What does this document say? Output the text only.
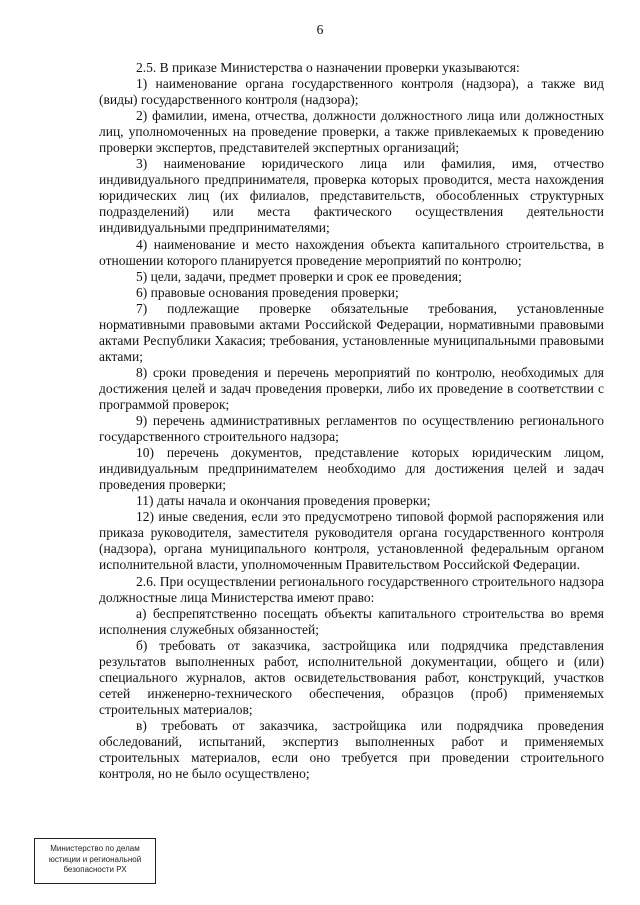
6

2.5. В приказе Министерства о назначении проверки указываются:

1) наименование органа государственного контроля (надзора), а также вид (виды) государственного контроля (надзора);

2) фамилии, имена, отчества, должности должностного лица или должностных лиц, уполномоченных на проведение проверки, а также привлекаемых к проведению проверки экспертов, представителей экспертных организаций;

3) наименование юридического лица или фамилия, имя, отчество индивидуального предпринимателя, проверка которых проводится, места нахождения юридических лиц (их филиалов, представительств, обособленных структурных подразделений) или места фактического осуществления деятельности индивидуальными предпринимателями;

4) наименование и место нахождения объекта капитального строительства, в отношении которого планируется проведение мероприятий по контролю;

5) цели, задачи, предмет проверки и срок ее проведения;

6) правовые основания проведения проверки;

7) подлежащие проверке обязательные требования, установленные нормативными правовыми актами Российской Федерации, нормативными правовыми актами Республики Хакасия; требования, установленные муниципальными правовыми актами;

8) сроки проведения и перечень мероприятий по контролю, необходимых для достижения целей и задач проведения проверки, либо их проведение в соответствии с программой проверок;

9) перечень административных регламентов по осуществлению регионального государственного строительного надзора;

10) перечень документов, представление которых юридическим лицом, индивидуальным предпринимателем необходимо для достижения целей и задач проведения проверки;

11) даты начала и окончания проведения проверки;

12) иные сведения, если это предусмотрено типовой формой распоряжения или приказа руководителя, заместителя руководителя органа государственного контроля (надзора), органа муниципального контроля, установленной федеральным органом исполнительной власти, уполномоченным Правительством Российской Федерации.

2.6. При осуществлении регионального государственного строительного надзора должностные лица Министерства имеют право:

а) беспрепятственно посещать объекты капитального строительства во время исполнения служебных обязанностей;

б) требовать от заказчика, застройщика или подрядчика представления результатов выполненных работ, исполнительной документации, общего и (или) специального журналов, актов освидетельствования работ, конструкций, участков сетей инженерно-технического обеспечения, образцов (проб) применяемых строительных материалов;

в) требовать от заказчика, застройщика или подрядчика проведения обследований, испытаний, экспертиз выполненных работ и применяемых строительных материалов, если оно требуется при проведении строительного контроля, но не было осуществлено;

Министерство по делам
юстиции и региональной
безопасности РХ
